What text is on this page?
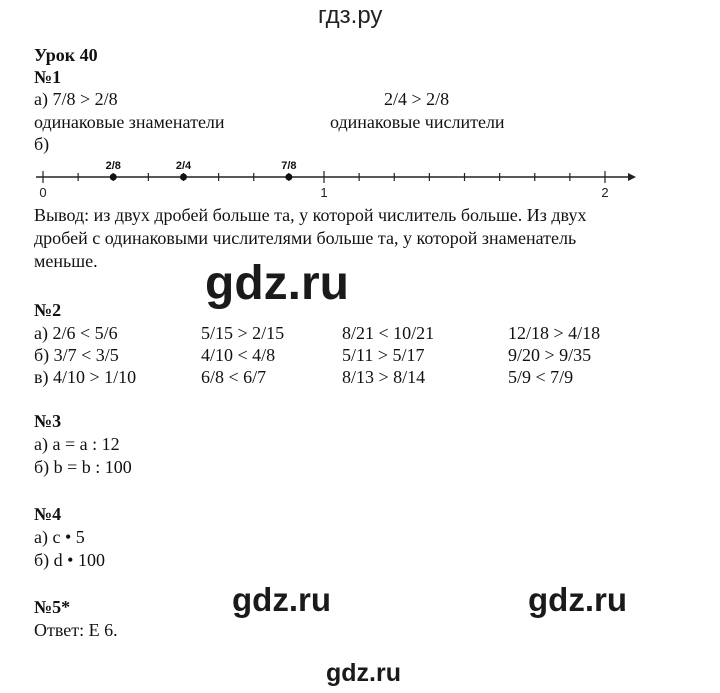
гдз.ру
Урок 40
№1
а) 7/8 > 2/8	2/4 > 2/8
одинаковые знаменатели	одинаковые числители
б)
0	1	2
2/8	2/4	7/8
Вывод: из двух дробей больше та, у которой числитель больше. Из двух
дробей с одинаковыми числителями больше та, у которой знаменатель
меньше. gdz.ru
№2
а) 2/6 < 5/6	5/15 > 2/15	8/21 < 10/21	12/18 > 4/18
б) 3/7 < 3/5	4/10 < 4/8	5/11 > 5/17	9/20 > 9/35
в) 4/10 > 1/10	6/8 < 6/7	8/13 > 8/14	5/9 < 7/9
№3
а) a = a : 12
б) b = b : 100
№4
а) c • 5
б) d • 100
№5*
Ответ: Е 6.
gdz.ru	gdz.ru
gdz.ru
